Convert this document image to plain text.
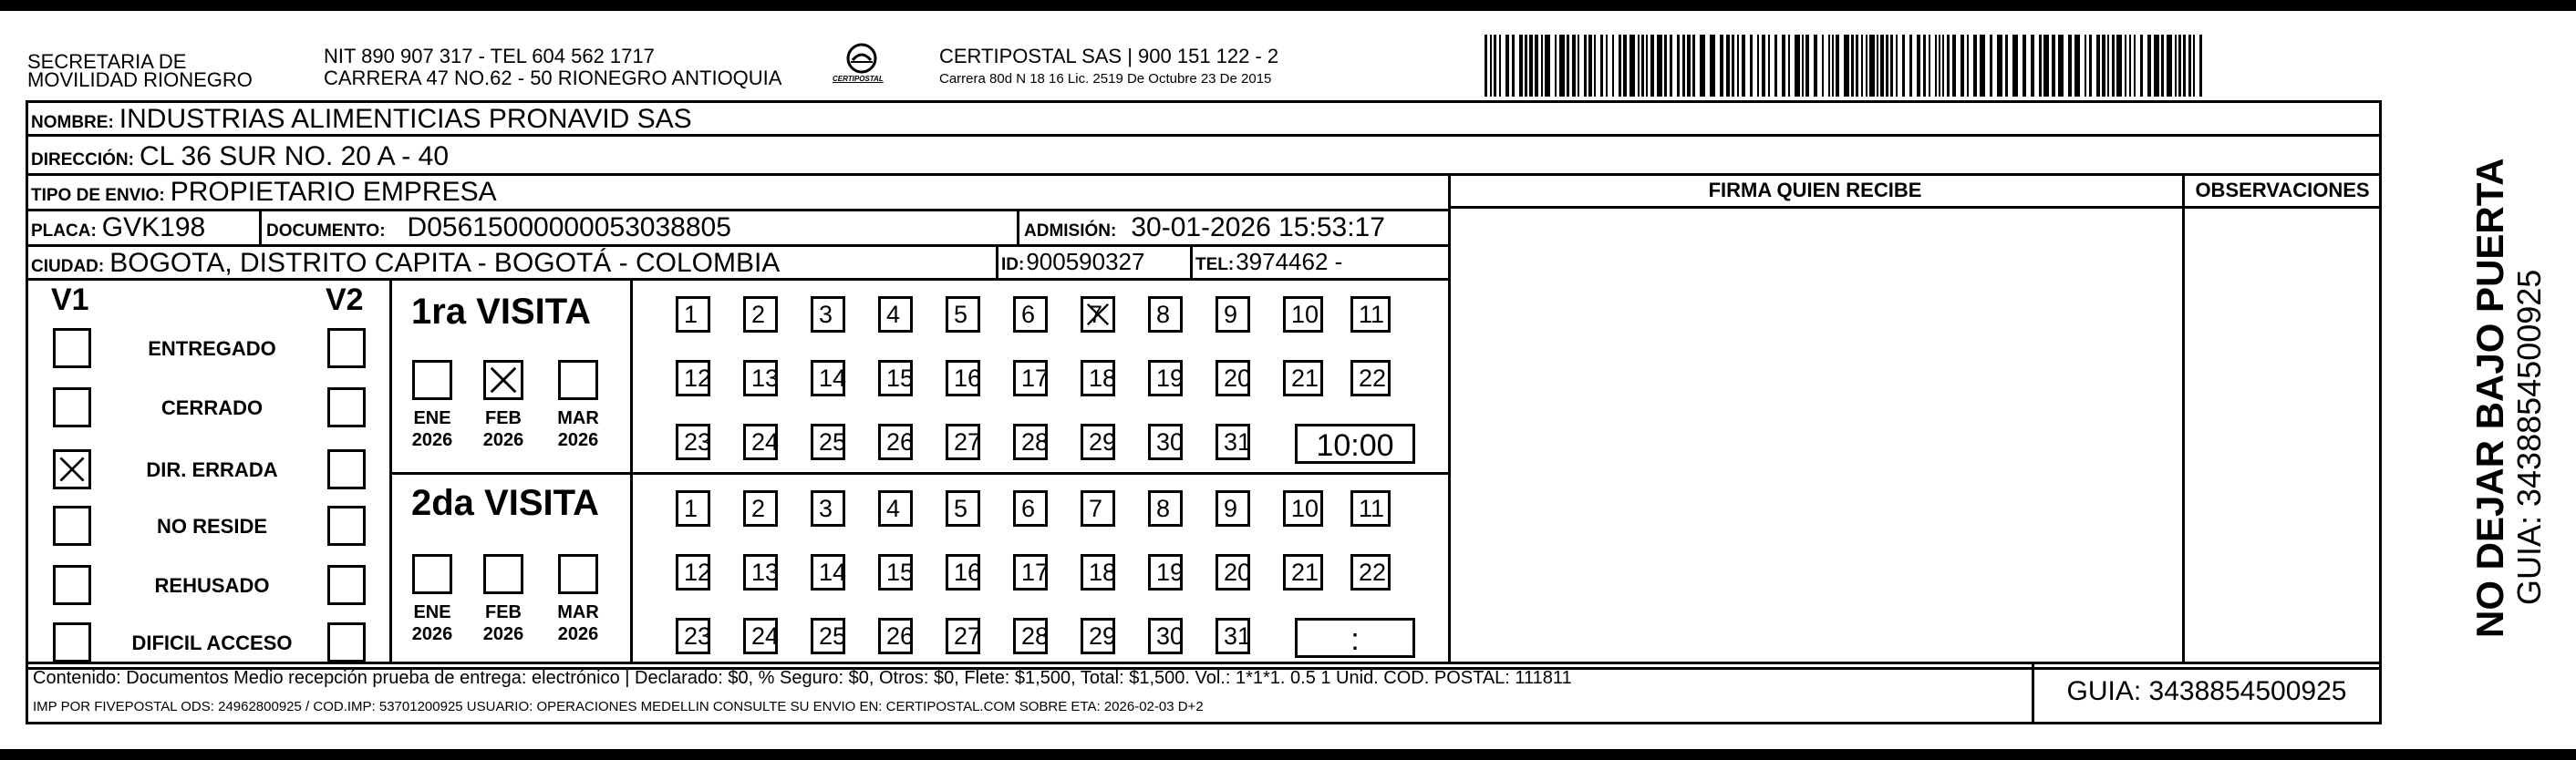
SECRETARIA DE
MOVILIDAD RIONEGRO
NIT 890 907 317 - TEL 604 562 1717
CARRERA 47 NO.62 - 50 RIONEGRO ANTIOQUIA	CERTIPOSTAL
CERTIPOSTAL SAS | 900 151 122 - 2
Carrera 80d N 18 16 Lic. 2519 De Octubre 23 De 2015
NOMBRE: INDUSTRIAS ALIMENTICIAS PRONAVID SAS
DIRECCIÓN: CL 36 SUR NO. 20 A - 40
TIPO DE ENVIO: PROPIETARIO EMPRESA
PLACA: GVK198	DOCUMENTO: D05615000000053038805	ADMISIÓN: 30-01-2026 15:53:17
CIUDAD: BOGOTA, DISTRITO CAPITA - BOGOTÁ - COLOMBIA	ID: 900590327	TEL: 3974462 -
FIRMA QUIEN RECIBE	OBSERVACIONES
V1	V2
ENTREGADO
CERRADO
DIR. ERRADA
NO RESIDE
REHUSADO
DIFICIL ACCESO
ENE
2026
FEB
2026
MAR
2026
1 2 3 4 5 6 7 8 9 10 11
12 13 14 15 16 17 18 19 20 21 22
23 24 25 26 27 28 29 30 31 10:00
ENE
2026
FEB
2026
MAR
2026
1 2 3 4 5 6 7 8 9 10 11
12 13 14 15 16 17 18 19 20 21 22
23 24 25 26 27 28 29 30 31	:
1ra VISITA
2da VISITA
Contenido: Documentos Medio recepción prueba de entrega: electrónico | Declarado: $0, % Seguro: $0, Otros: $0, Flete: $1,500, Total: $1,500. Vol.: 1*1*1. 0.5 1 Unid. COD. POSTAL: 111811
IMP POR FIVEPOSTAL ODS: 24962800925 / COD.IMP: 53701200925 USUARIO: OPERACIONES MEDELLIN CONSULTE SU ENVIO EN: CERTIPOSTAL.COM SOBRE ETA: 2026-02-03 D+2
GUIA: 3438854500925
NO DEJAR BAJO PUERTA GUIA: 3438854500925
